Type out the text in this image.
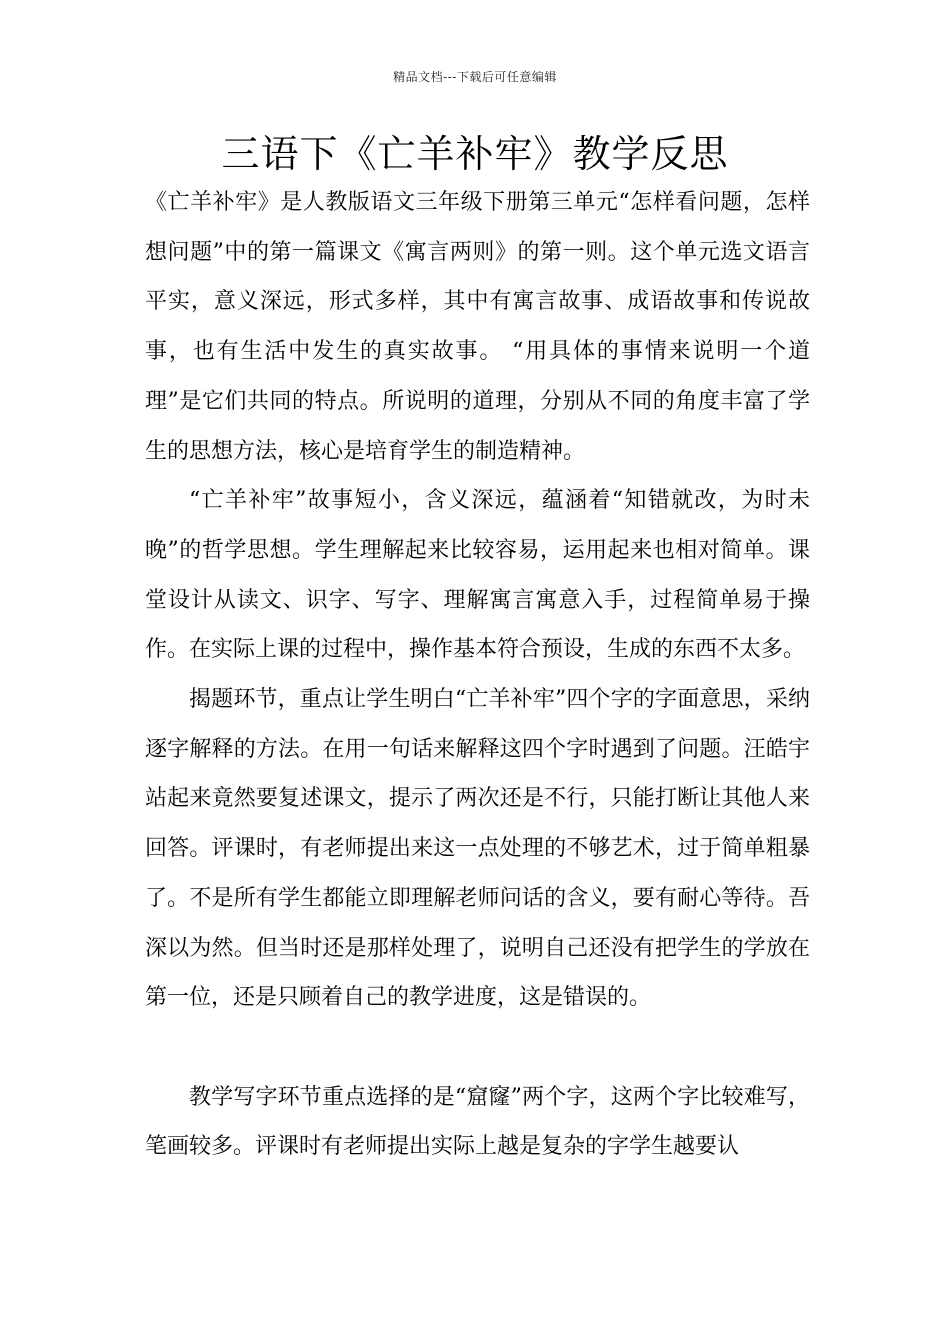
精品文档---下载后可任意编辑
三语下《亡羊补牢》教学反思

《亡羊补牢》是人教版语文三年级下册第三单元“怎样看问题，怎样想问题”中的第一篇课文《寓言两则》的第一则。这个单元选文语言平实，意义深远，形式多样，其中有寓言故事、成语故事和传说故事，也有生活中发生的真实故事。 “用具体的事情来说明一个道理”是它们共同的特点。所说明的道理，分别从不同的角度丰富了学生的思想方法，核心是培育学生的制造精神。

“亡羊补牢”故事短小，含义深远，蕴涵着“知错就改，为时未晚”的哲学思想。学生理解起来比较容易，运用起来也相对简单。课堂设计从读文、识字、写字、理解寓言寓意入手，过程简单易于操作。在实际上课的过程中，操作基本符合预设，生成的东西不太多。

揭题环节，重点让学生明白“亡羊补牢”四个字的字面意思，采纳逐字解释的方法。在用一句话来解释这四个字时遇到了问题。汪皓宇站起来竟然要复述课文，提示了两次还是不行，只能打断让其他人来回答。评课时，有老师提出来这一点处理的不够艺术，过于简单粗暴了。不是所有学生都能立即理解老师问话的含义，要有耐心等待。吾深以为然。但当时还是那样处理了，说明自己还没有把学生的学放在第一位，还是只顾着自己的教学进度，这是错误的。

教学写字环节重点选择的是“窟窿”两个字，这两个字比较难写，笔画较多。评课时有老师提出实际上越是复杂的字学生越要认
